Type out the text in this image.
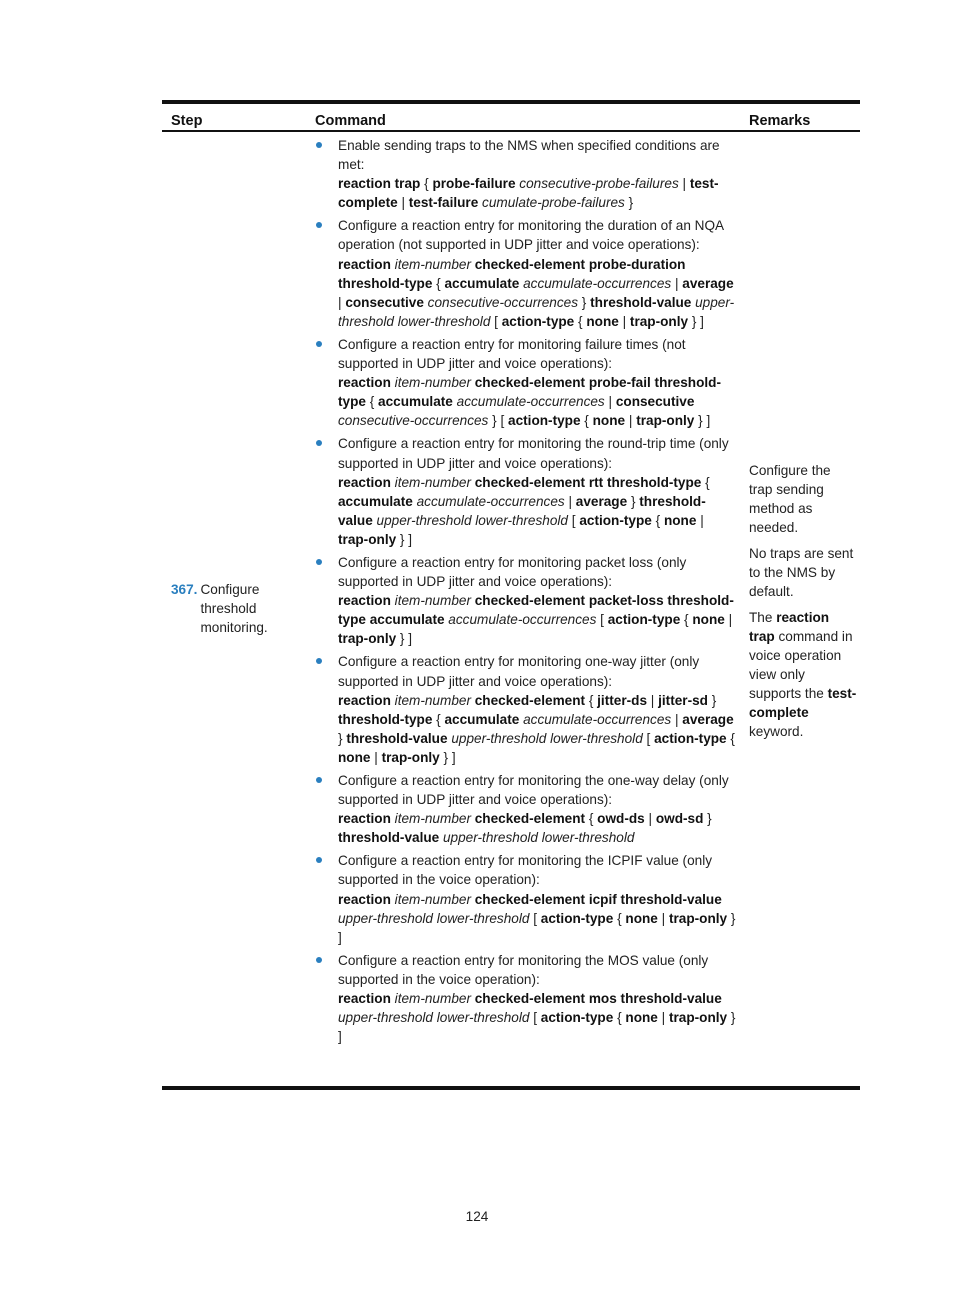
Step	Command	Remarks
367. Configure threshold monitoring.
Enable sending traps to the NMS when specified conditions are met:
reaction trap { probe-failure consecutive-probe-failures | test-complete | test-failure cumulate-probe-failures }
Configure a reaction entry for monitoring the duration of an NQA operation (not supported in UDP jitter and voice operations):
reaction item-number checked-element probe-duration threshold-type { accumulate accumulate-occurrences | average | consecutive consecutive-occurrences } threshold-value upper-threshold lower-threshold [ action-type { none | trap-only } ]
Configure a reaction entry for monitoring failure times (not supported in UDP jitter and voice operations):
reaction item-number checked-element probe-fail threshold-type { accumulate accumulate-occurrences | consecutive consecutive-occurrences } [ action-type { none | trap-only } ]
Configure a reaction entry for monitoring the round-trip time (only supported in UDP jitter and voice operations):
reaction item-number checked-element rtt threshold-type { accumulate accumulate-occurrences | average } threshold-value upper-threshold lower-threshold [ action-type { none | trap-only } ]
Configure a reaction entry for monitoring packet loss (only supported in UDP jitter and voice operations):
reaction item-number checked-element packet-loss threshold-type accumulate accumulate-occurrences [ action-type { none | trap-only } ]
Configure a reaction entry for monitoring one-way jitter (only supported in UDP jitter and voice operations):
reaction item-number checked-element { jitter-ds | jitter-sd } threshold-type { accumulate accumulate-occurrences | average } threshold-value upper-threshold lower-threshold [ action-type { none | trap-only } ]
Configure a reaction entry for monitoring the one-way delay (only supported in UDP jitter and voice operations):
reaction item-number checked-element { owd-ds | owd-sd } threshold-value upper-threshold lower-threshold
Configure a reaction entry for monitoring the ICPIF value (only supported in the voice operation):
reaction item-number checked-element icpif threshold-value upper-threshold lower-threshold [ action-type { none | trap-only } ]
Configure a reaction entry for monitoring the MOS value (only supported in the voice operation):
reaction item-number checked-element mos threshold-value upper-threshold lower-threshold [ action-type { none | trap-only } ]

Configure the trap sending method as needed.

No traps are sent to the NMS by default.

The reaction trap command in voice operation view only supports the test-complete keyword.

124
